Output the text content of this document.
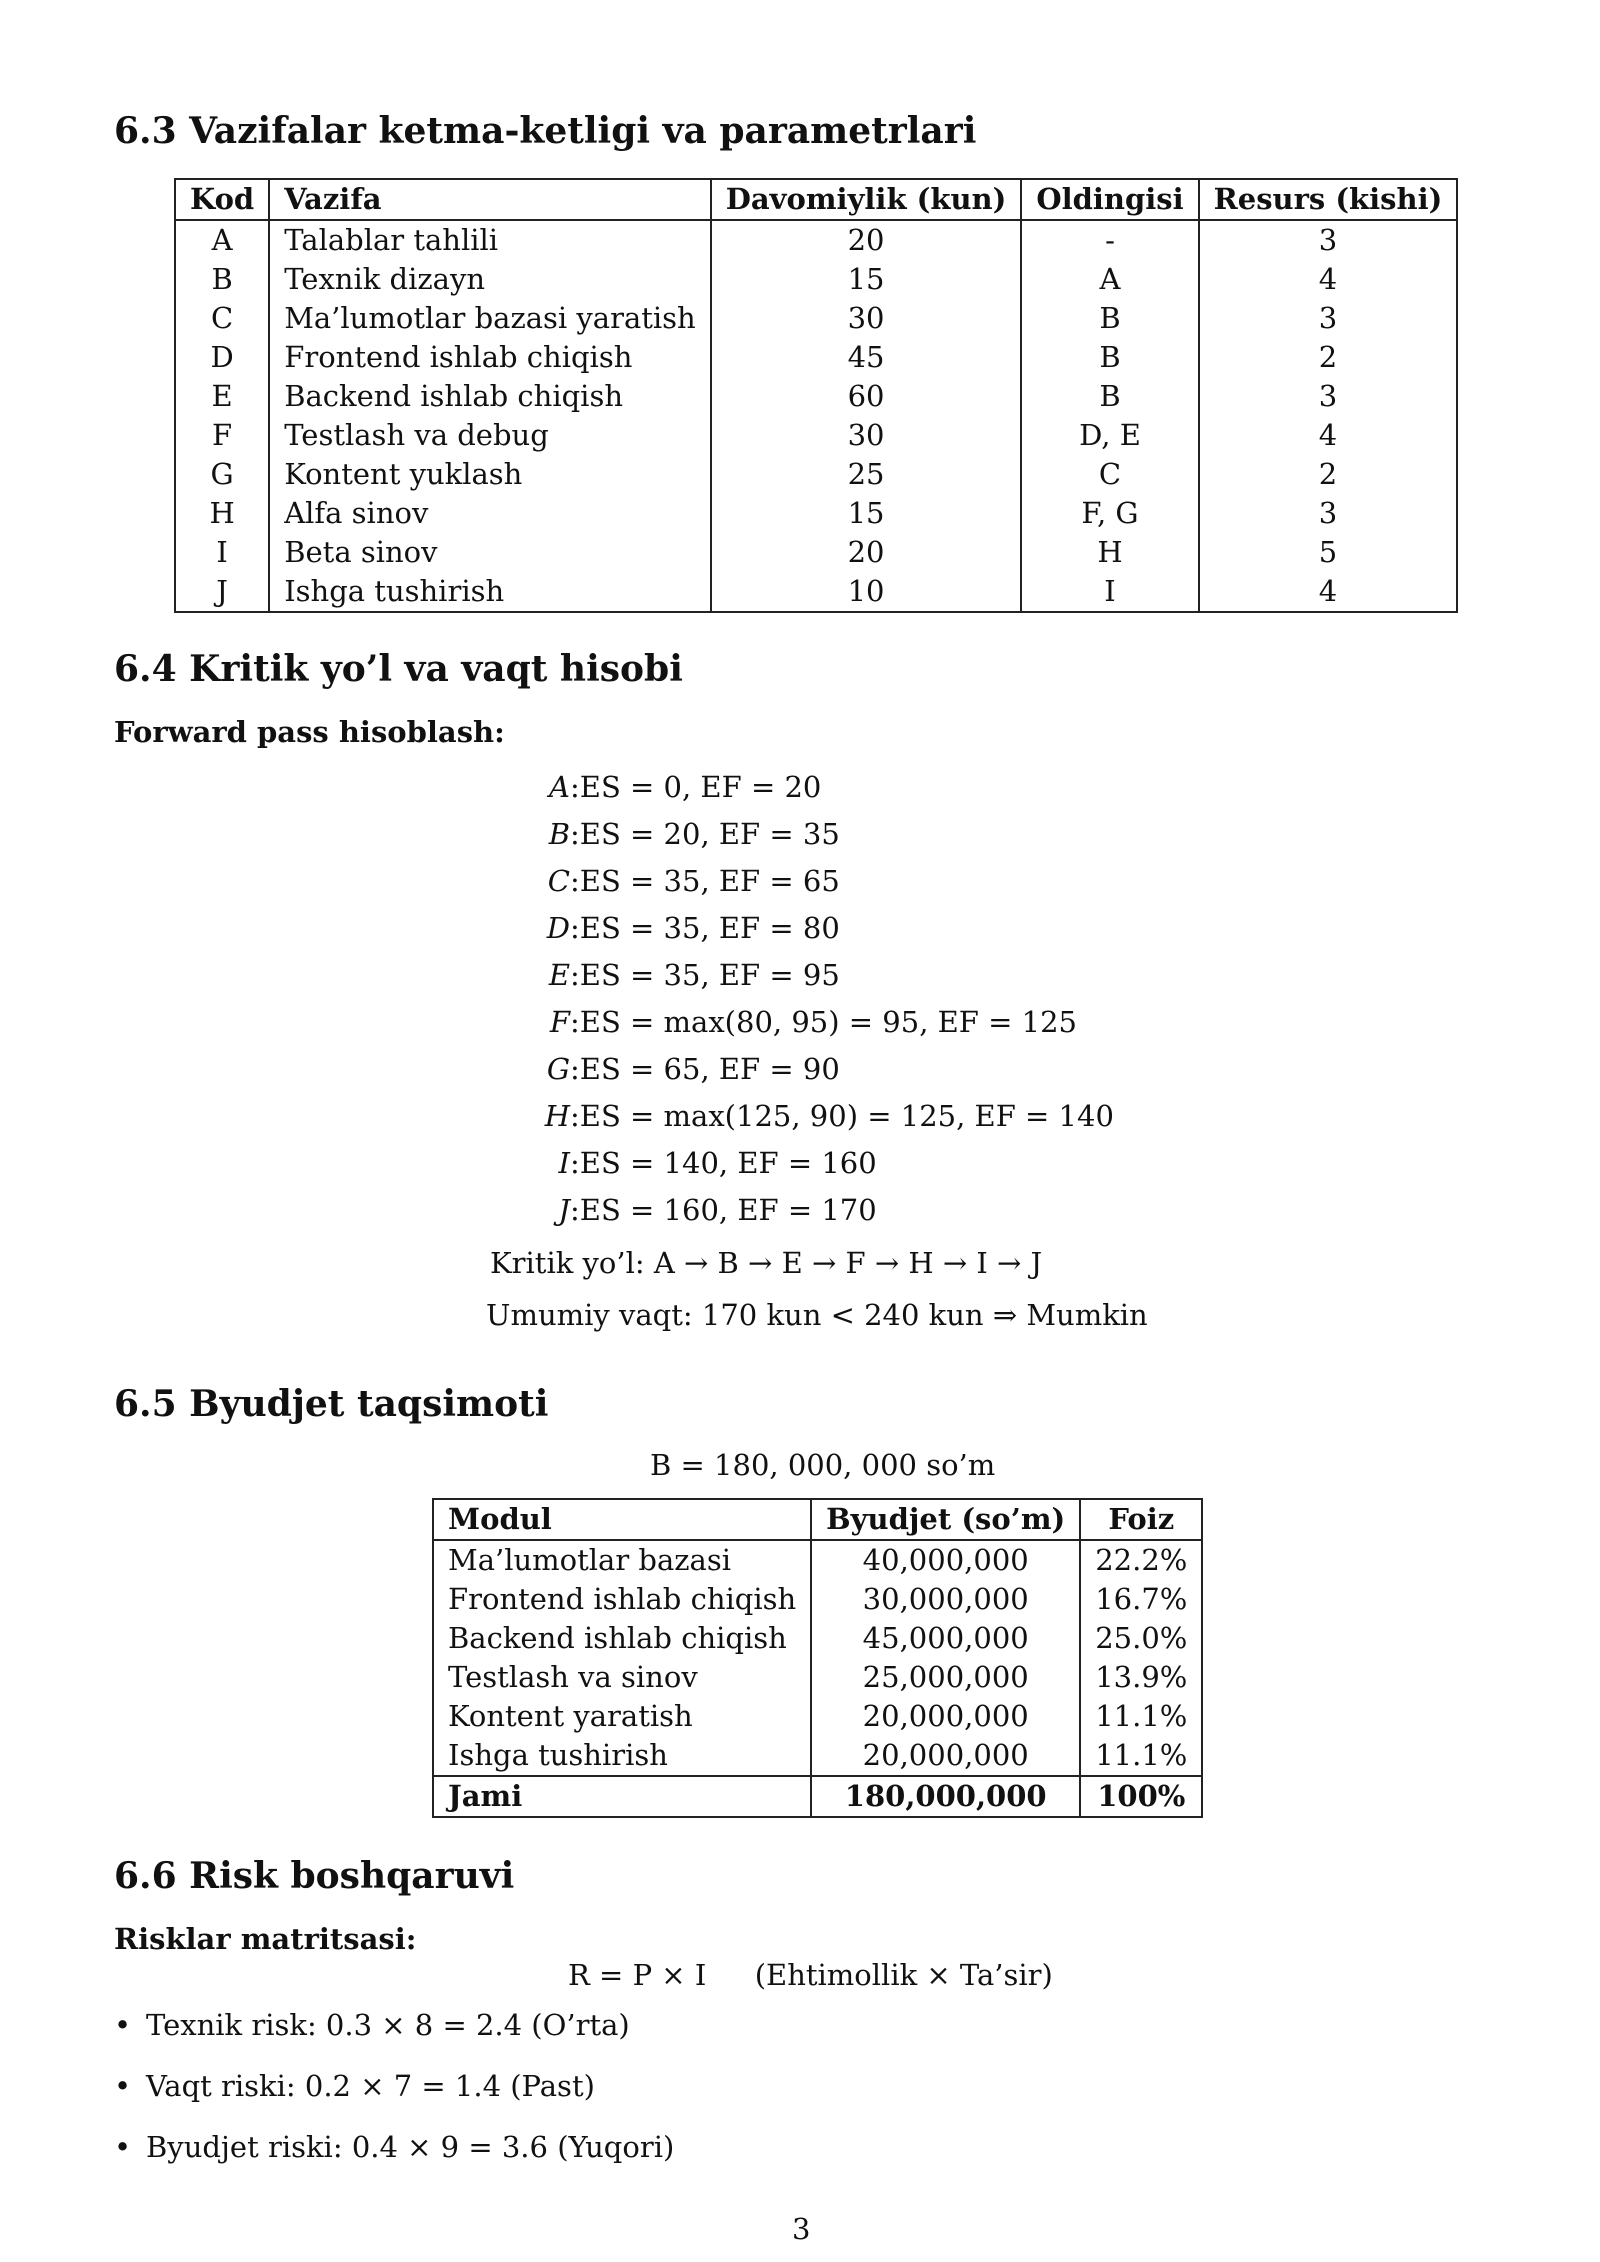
6.3 Vazifalar ketma-ketligi va parametrlari
Kod	Vazifa	Davomiylik (kun)	Oldingisi	Resurs (kishi)
A	Talablar tahlili	20	-	3
B	Texnik dizayn	15	A	4
C	Ma’lumotlar bazasi yaratish	30	B	3
D	Frontend ishlab chiqish	45	B	2
E	Backend ishlab chiqish	60	B	3
F	Testlash va debug	30	D, E	4
G	Kontent yuklash	25	C	2
H	Alfa sinov	15	F, G	3
I	Beta sinov	20	H	5
J	Ishga tushirish	10	I	4
6.4 Kritik yo’l va vaqt hisobi
Forward pass hisoblash:
A:ES = 0, EF = 20
B:ES = 20, EF = 35
C:ES = 35, EF = 65
D:ES = 35, EF = 80
E:ES = 35, EF = 95
F:ES = max(80, 95) = 95, EF = 125
G:ES = 65, EF = 90
H:ES = max(125, 90) = 125, EF = 140
I:ES = 140, EF = 160
J:ES = 160, EF = 170
Kritik yo’l: A → B → E → F → H → I → J
Umumiy vaqt: 170 kun < 240 kun ⇒ Mumkin
6.5 Byudjet taqsimoti
B = 180, 000, 000 so’m
Modul	Byudjet (so’m)	Foiz
Ma’lumotlar bazasi	40,000,000	22.2%
Frontend ishlab chiqish	30,000,000	16.7%
Backend ishlab chiqish	45,000,000	25.0%
Testlash va sinov	25,000,000	13.9%
Kontent yaratish	20,000,000	11.1%
Ishga tushirish	20,000,000	11.1%
Jami	180,000,000	100%
6.6 Risk boshqaruvi
Risklar matritsasi:
R = P × I (Ehtimollik × Ta’sir)
• Texnik risk: 0.3 × 8 = 2.4 (O’rta)
• Vaqt riski: 0.2 × 7 = 1.4 (Past)
• Byudjet riski: 0.4 × 9 = 3.6 (Yuqori)
3
